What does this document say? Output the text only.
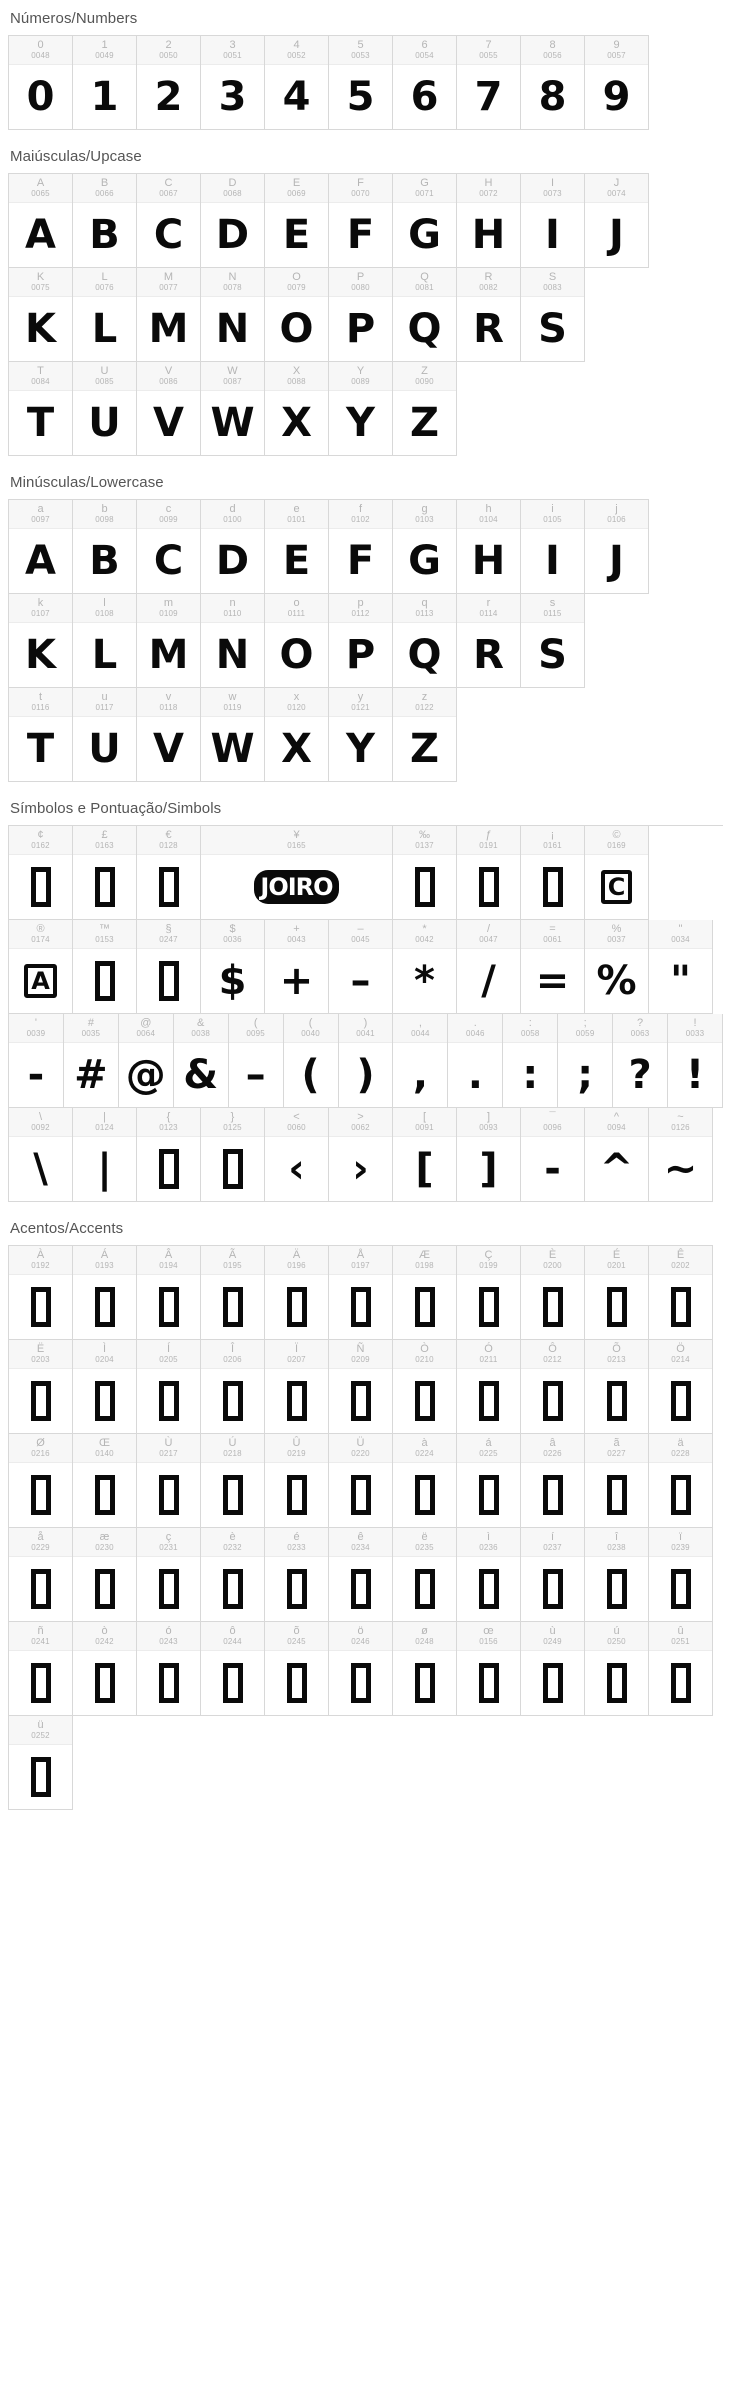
Números/Numbers
0
0048
0
1
0049
1
2
0050
2
3
0051
3
4
0052
4
5
0053
5
6
0054
6
7
0055
7
8
0056
8
9
0057
9
Maiúsculas/Upcase
A
0065
A
B
0066
B
C
0067
C
D
0068
D
E
0069
E
F
0070
F
G
0071
G
H
0072
H
I
0073
I
J
0074
J
K
0075
K
L
0076
L
M
0077
M
N
0078
N
O
0079
O
P
0080
P
Q
0081
Q
R
0082
R
S
0083
S
T
0084
T
U
0085
U
V
0086
V
W
0087
W
X
0088
X
Y
0089
Y
Z
0090
Z
Minúsculas/Lowercase
a
0097
A
b
0098
B
c
0099
C
d
0100
D
e
0101
E
f
0102
F
g
0103
G
h
0104
H
i
0105
I
j
0106
J
k
0107
K
l
0108
L
m
0109
M
n
0110
N
o
0111
O
p
0112
P
q
0113
Q
r
0114
R
s
0115
S
t
0116
T
u
0117
U
v
0118
V
w
0119
W
x
0120
X
y
0121
Y
z
0122
Z
Símbolos e Pontuação/Simbols
¢
0162
£
0163
€
0128
¥
0165
JOIRO
‰
0137
ƒ
0191
¡
0161
©
0169
C
®
0174
A
™
0153
§
0247
$
0036
$
+
0043
+
–
0045
–
*
0042
*
/
0047
/
=
0061
=
%
0037
%
"
0034
"
'
0039
-
#
0035
#
@
0064
@
&
0038
&
(
0095
–
(
0040
(
)
0041
)
,
0044
,
.
0046
.
:
0058
:
;
0059
;
?
0063
?
!
0033
!
\
0092
\
|
0124
|
{
0123
}
0125
<
0060
‹
>
0062
›
[
0091
[
]
0093
]
¯
0096
-
^
0094
^
~
0126
~
Acentos/Accents
À
0192
Á
0193
Â
0194
Ã
0195
Ä
0196
Å
0197
Æ
0198
Ç
0199
È
0200
É
0201
Ê
0202
Ë
0203
Ì
0204
Í
0205
Î
0206
Ï
0207
Ñ
0209
Ò
0210
Ó
0211
Ô
0212
Õ
0213
Ö
0214
Ø
0216
Œ
0140
Ù
0217
Ú
0218
Û
0219
Ü
0220
à
0224
á
0225
â
0226
ã
0227
ä
0228
å
0229
æ
0230
ç
0231
è
0232
é
0233
ê
0234
ë
0235
ì
0236
í
0237
î
0238
ï
0239
ñ
0241
ò
0242
ó
0243
ô
0244
õ
0245
ö
0246
ø
0248
œ
0156
ù
0249
ú
0250
û
0251
ü
0252
